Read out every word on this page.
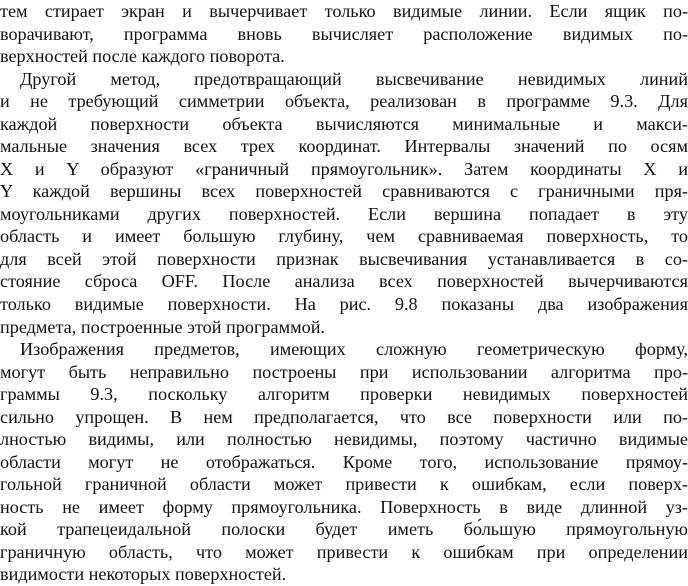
тем стирает экран и вычерчивает только видимые линии. Если ящик по-
ворачивают, программа вновь вычисляет расположение видимых по-
верхностей после каждого поворота.
Другой метод, предотвращающий высвечивание невидимых линий
и не требующий симметрии объекта, реализован в программе 9.3. Для
каждой поверхности объекта вычисляются минимальные и макси-
мальные значения всех трех координат. Интервалы значений по осям
X и Y образуют «граничный прямоугольник». Затем координаты X и
Y каждой вершины всех поверхностей сравниваются с граничными пря-
моугольниками других поверхностей. Если вершина попадает в эту
область и имеет большую глубину, чем сравниваемая поверхность, то
для всей этой поверхности признак высвечивания устанавливается в со-
стояние сброса OFF. После анализа всех поверхностей вычерчиваются
только видимые поверхности. На рис. 9.8 показаны два изображения
предмета, построенные этой программой.
Изображения предметов, имеющих сложную геометрическую форму,
могут быть неправильно построены при использовании алгоритма про-
граммы 9.3, поскольку алгоритм проверки невидимых поверхностей
сильно упрощен. В нем предполагается, что все поверхности или по-
лностью видимы, или полностью невидимы, поэтому частично видимые
области могут не отображаться. Кроме того, использование прямоу-
гольной граничной области может привести к ошибкам, если поверх-
ность не имеет форму прямоугольника. Поверхность в виде длинной уз-
кой трапецеидальной полоски будет иметь бо́льшую прямоугольную
граничную область, что может привести к ошибкам при определении
видимости некоторых поверхностей.
